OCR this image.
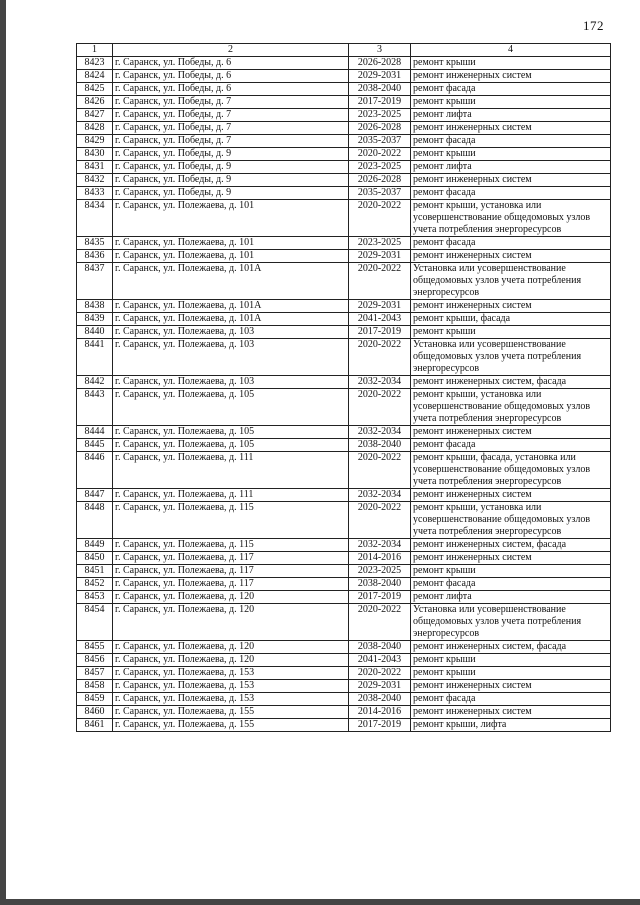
172
1	2	3	4
8423	г. Саранск, ул. Победы, д. 6	2026-2028	ремонт крыши
8424	г. Саранск, ул. Победы, д. 6	2029-2031	ремонт инженерных систем
8425	г. Саранск, ул. Победы, д. 6	2038-2040	ремонт фасада
8426	г. Саранск, ул. Победы, д. 7	2017-2019	ремонт крыши
8427	г. Саранск, ул. Победы, д. 7	2023-2025	ремонт лифта
8428	г. Саранск, ул. Победы, д. 7	2026-2028	ремонт инженерных систем
8429	г. Саранск, ул. Победы, д. 7	2035-2037	ремонт фасада
8430	г. Саранск, ул. Победы, д. 9	2020-2022	ремонт крыши
8431	г. Саранск, ул. Победы, д. 9	2023-2025	ремонт лифта
8432	г. Саранск, ул. Победы, д. 9	2026-2028	ремонт инженерных систем
8433	г. Саранск, ул. Победы, д. 9	2035-2037	ремонт фасада
8434	г. Саранск, ул. Полежаева, д. 101	2020-2022	ремонт крыши, установка или усовершенствование общедомовых узлов учета потребления энергоресурсов
8435	г. Саранск, ул. Полежаева, д. 101	2023-2025	ремонт фасада
8436	г. Саранск, ул. Полежаева, д. 101	2029-2031	ремонт инженерных систем
8437	г. Саранск, ул. Полежаева, д. 101А	2020-2022	Установка или усовершенствование общедомовых узлов учета потребления энергоресурсов
8438	г. Саранск, ул. Полежаева, д. 101А	2029-2031	ремонт инженерных систем
8439	г. Саранск, ул. Полежаева, д. 101А	2041-2043	ремонт крыши, фасада
8440	г. Саранск, ул. Полежаева, д. 103	2017-2019	ремонт крыши
8441	г. Саранск, ул. Полежаева, д. 103	2020-2022	Установка или усовершенствование общедомовых узлов учета потребления энергоресурсов
8442	г. Саранск, ул. Полежаева, д. 103	2032-2034	ремонт инженерных систем, фасада
8443	г. Саранск, ул. Полежаева, д. 105	2020-2022	ремонт крыши, установка или усовершенствование общедомовых узлов учета потребления энергоресурсов
8444	г. Саранск, ул. Полежаева, д. 105	2032-2034	ремонт инженерных систем
8445	г. Саранск, ул. Полежаева, д. 105	2038-2040	ремонт фасада
8446	г. Саранск, ул. Полежаева, д. 111	2020-2022	ремонт крыши, фасада, установка или усовершенствование общедомовых узлов учета потребления энергоресурсов
8447	г. Саранск, ул. Полежаева, д. 111	2032-2034	ремонт инженерных систем
8448	г. Саранск, ул. Полежаева, д. 115	2020-2022	ремонт крыши, установка или усовершенствование общедомовых узлов учета потребления энергоресурсов
8449	г. Саранск, ул. Полежаева, д. 115	2032-2034	ремонт инженерных систем, фасада
8450	г. Саранск, ул. Полежаева, д. 117	2014-2016	ремонт инженерных систем
8451	г. Саранск, ул. Полежаева, д. 117	2023-2025	ремонт крыши
8452	г. Саранск, ул. Полежаева, д. 117	2038-2040	ремонт фасада
8453	г. Саранск, ул. Полежаева, д. 120	2017-2019	ремонт лифта
8454	г. Саранск, ул. Полежаева, д. 120	2020-2022	Установка или усовершенствование общедомовых узлов учета потребления энергоресурсов
8455	г. Саранск, ул. Полежаева, д. 120	2038-2040	ремонт инженерных систем, фасада
8456	г. Саранск, ул. Полежаева, д. 120	2041-2043	ремонт крыши
8457	г. Саранск, ул. Полежаева, д. 153	2020-2022	ремонт крыши
8458	г. Саранск, ул. Полежаева, д. 153	2029-2031	ремонт инженерных систем
8459	г. Саранск, ул. Полежаева, д. 153	2038-2040	ремонт фасада
8460	г. Саранск, ул. Полежаева, д. 155	2014-2016	ремонт инженерных систем
8461	г. Саранск, ул. Полежаева, д. 155	2017-2019	ремонт крыши, лифта
